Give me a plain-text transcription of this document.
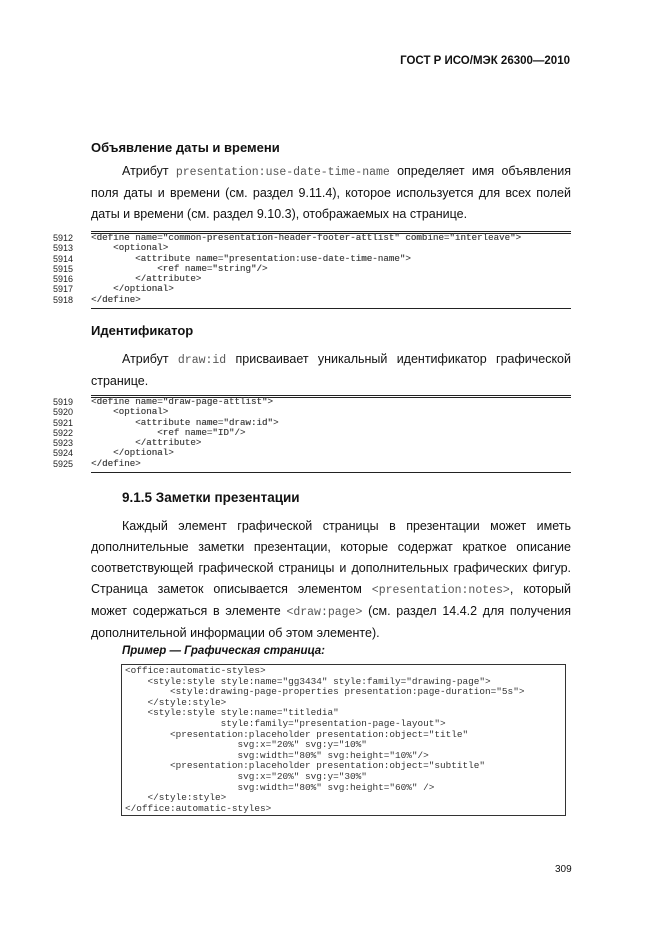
ГОСТ Р ИСО/МЭК 26300—2010
Объявление даты и времени
Атрибут presentation:use-date-time-name определяет имя объявления поля даты и времени (см. раздел 9.11.4), которое используется для всех полей даты и времени (см. раздел 9.10.3), отображаемых на странице.
5912	<define name="common-presentation-header-footer-attlist" combine="interleave">
5913	<optional>
5914	<attribute name="presentation:use-date-time-name">
5915	<ref name="string"/>
5916	</attribute>
5917	</optional>
5918	</define>
Идентификатор
Атрибут draw:id присваивает уникальный идентификатор графической странице.
5919	<define name="draw-page-attlist">
5920	<optional>
5921	<attribute name="draw:id">
5922	<ref name="ID"/>
5923	</attribute>
5924	</optional>
5925	</define>
9.1.5 Заметки презентации
Каждый элемент графической страницы в презентации может иметь дополнительные заметки презентации, которые содержат краткое описание соответствующей графической страницы и дополнительных графических фигур. Страница заметок описывается элементом <presentation:notes>, который может содержаться в элементе <draw:page> (см. раздел 14.4.2 для получения дополнительной информации об этом элементе).
Пример — Графическая страница:
<office:automatic-styles>
<style:style style:name="gg3434" style:family="drawing-page">
<style:drawing-page-properties presentation:page-duration="5s">
</style:style>
<style:style style:name="titledia"
style:family="presentation-page-layout">
<presentation:placeholder presentation:object="title"
svg:x="20%" svg:y="10%"
svg:width="80%" svg:height="10%"/>
<presentation:placeholder presentation:object="subtitle"
svg:x="20%" svg:y="30%"
svg:width="80%" svg:height="60%" />
</style:style>
</office:automatic-styles>
309
